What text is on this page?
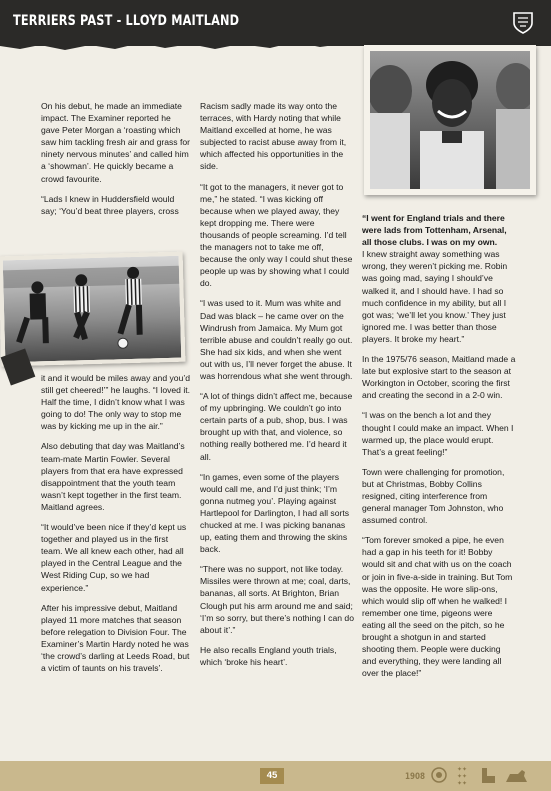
TERRIERS PAST - LLOYD MAITLAND

On his debut, he made an immediate impact. The Examiner reported he gave Peter Morgan a ‘roasting which saw him tackling fresh air and grass for ninety nervous minutes’ and called him a ‘showman’. He quickly became a crowd favourite.

“Lads I knew in Huddersfield would say; ‘You’d beat three players, cross

it and it would be miles away and you’d still get cheered!’” he laughs. “I loved it. Half the time, I didn’t know what I was going to do! The only way to stop me was by kicking me up in the air.”

Also debuting that day was Maitland’s team-mate Martin Fowler. Several players from that era have expressed disappointment that the youth team wasn’t kept together in the first team. Maitland agrees.

“It would’ve been nice if they’d kept us together and played us in the first team. We all knew each other, had all played in the Central League and the West Riding Cup, so we had experience.”

After his impressive debut, Maitland played 11 more matches that season before relegation to Division Four. The Examiner’s Martin Hardy noted he was ‘the crowd’s darling at Leeds Road, but a victim of taunts on his travels’.

Racism sadly made its way onto the terraces, with Hardy noting that while Maitland excelled at home, he was subjected to racist abuse away from it, which affected his opportunities in the side.

“It got to the managers, it never got to me,” he stated. “I was kicking off because when we played away, they kept dropping me. There were thousands of people screaming. I’d tell the managers not to take me off, because the only way I could shut these people up was by showing what I could do.

“I was used to it. Mum was white and Dad was black – he came over on the Windrush from Jamaica. My Mum got terrible abuse and couldn’t really go out. She had six kids, and when she went out with us, I’ll never forget the abuse. It was horrendous what she went through.

“A lot of things didn’t affect me, because of my upbringing. We couldn’t go into certain parts of a pub, shop, bus. I was brought up with that, and violence, so nothing really bothered me. I’d heard it all.

“In games, even some of the players would call me, and I’d just think; ‘I’m gonna nutmeg you’. Playing against Hartlepool for Darlington, I had all sorts chucked at me. I was picking bananas up, eating them and throwing the skins back.

“There was no support, not like today. Missiles were thrown at me; coal, darts, bananas, all sorts. At Brighton, Brian Clough put his arm around me and said; ‘I’m so sorry, but there’s nothing I can do about it’.”

He also recalls England youth trials, which ‘broke his heart’.

“I went for England trials and there were lads from Tottenham, Arsenal, all those clubs. I was on my own.

I knew straight away something was wrong, they weren’t picking me. Robin was going mad, saying I should’ve walked it, and I should have. I had so much confidence in my ability, but all I got was; ‘we’ll let you know.’ They just ignored me. I was better than those players. It broke my heart.”

In the 1975/76 season, Maitland made a late but explosive start to the season at Workington in October, scoring the first and creating the second in a 2-0 win.

“I was on the bench a lot and they thought I could make an impact. When I warmed up, the place would erupt. That’s a great feeling!”

Town were challenging for promotion, but at Christmas, Bobby Collins resigned, citing interference from general manager Tom Johnston, who assumed control.

“Tom forever smoked a pipe, he even had a gap in his teeth for it! Bobby would sit and chat with us on the coach or join in five-a-side in training. But Tom was the opposite. He wore slip-ons, which would slip off when he walked! I remember one time, pigeons were eating all the seed on the pitch, so he brought a shotgun in and started shooting them. People were ducking and everything, they were landing all over the place!”

45	1908
✦✦
✦✦
✦✦
